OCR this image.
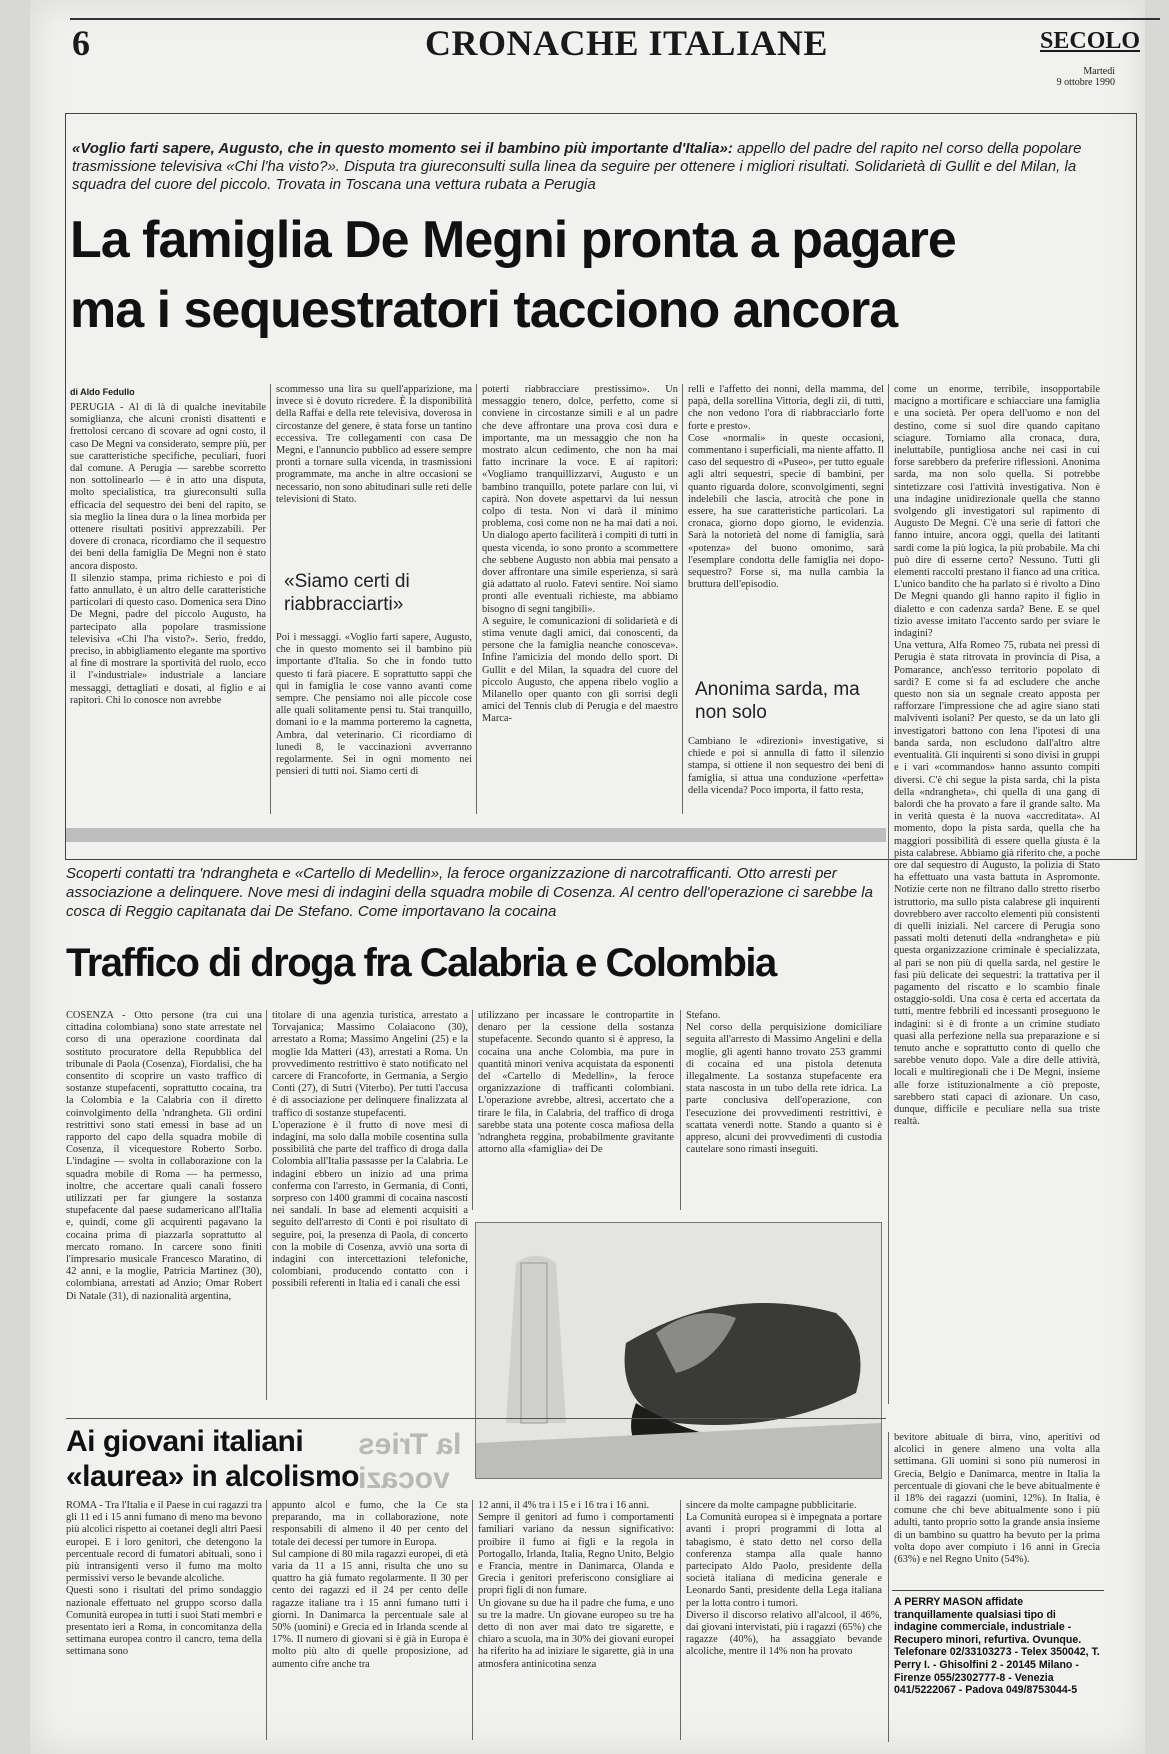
6	CRONACHE ITALIANE	SECOLO
Martedì
9 ottobre 1990
«Voglio farti sapere, Augusto, che in questo momento sei il bambino più importante d'Italia»: appello del padre del rapito nel corso della popolare trasmissione televisiva «Chi l'ha visto?». Disputa tra giureconsulti sulla linea da seguire per ottenere i migliori risultati. Solidarietà di Gullit e del Milan, la squadra del cuore del piccolo. Trovata in Toscana una vettura rubata a Perugia
La famiglia De Megni pronta a pagare
ma i sequestratori tacciono ancora
di Aldo Fedullo
PERUGIA - Al di là di qualche inevitabile somiglianza, che alcuni cronisti disattenti e frettolosi cercano di scovare ad ogni costo, il caso De Megni va considerato, sempre più, per sue caratteristiche specifiche, peculiari, fuori dal comune. A Perugia — sarebbe scorretto non sottolinearlo — è in atto una disputa, molto specialistica, tra giureconsulti sulla efficacia del sequestro dei beni del rapito, se sia meglio la linea dura o la linea morbida per ottenere risultati positivi apprezzabili. Per dovere di cronaca, ricordiamo che il sequestro dei beni della famiglia De Megni non è stato ancora disposto.
Il silenzio stampa, prima richiesto e poi di fatto annullato, è un altro delle caratteristiche particolari di questo caso. Domenica sera Dino De Megni, padre del piccolo Augusto, ha partecipato alla popolare trasmissione televisiva «Chi l'ha visto?». Serio, freddo, preciso, in abbigliamento elegante ma sportivo al fine di mostrare la sportività del ruolo, ecco il l'«industriale» industriale a lanciare messaggi, dettagliati e dosati, al figlio e ai rapitori. Chi lo conosce non avrebbe
scommesso una lira su quell'apparizione, ma invece si è dovuto ricredere. È la disponibilità della Raffai e della rete televisiva, doverosa in circostanze del genere, è stata forse un tantino eccessiva. Tre collegamenti con casa De Megni, e l'annuncio pubblico ad essere sempre pronti a tornare sulla vicenda, in trasmissioni programmate, ma anche in altre occasioni se necessario, non sono abitudinari sulle reti delle televisioni di Stato.
«Siamo certi di riabbracciarti»
Poi i messaggi. «Voglio farti sapere, Augusto, che in questo momento sei il bambino più importante d'Italia. So che in fondo tutto questo ti farà piacere. E soprattutto sappi che qui in famiglia le cose vanno avanti come sempre. Che pensiamo noi alle piccole cose alle quali solitamente pensi tu. Stai tranquillo, domani io e la mamma porteremo la cagnetta, Ambra, dal veterinario. Ci ricordiamo di lunedì 8, le vaccinazioni avverranno regolarmente. Sei in ogni momento nei pensieri di tutti noi. Siamo certi di
poterti riabbracciare prestissimo». Un messaggio tenero, dolce, perfetto, come si conviene in circostanze simili e al un padre che deve affrontare una prova così dura e importante, ma un messaggio che non ha mostrato alcun cedimento, che non ha mai fatto incrinare la voce. E ai rapitori: «Vogliamo tranquillizzarvi, Augusto e un bambino tranquillo, potete parlare con lui, vi capirà. Non dovete aspettarvi da lui nessun colpo di testa. Non vi darà il minimo problema, così come non ne ha mai dati a noi. Un dialogo aperto faciliterà i compiti di tutti in questa vicenda, io sono pronto a scommettere che sebbene Augusto non abbia mai pensato a dover affrontare una simile esperienza, si sarà già adattato al ruolo. Fatevi sentire. Noi siamo pronti alle eventuali richieste, ma abbiamo bisogno di segni tangibili».
A seguire, le comunicazioni di solidarietà e di stima venute dagli amici, dai conoscenti, da persone che la famiglia neanche conosceva». Infine l'amicizia del mondo dello sport. Di Gullit e del Milan, la squadra del cuore del piccolo Augusto, che appena ribelo voglio a Milanello oper quanto con gli sorrisi degli amici del Tennis club di Perugia e del maestro Marca-
relli e l'affetto dei nonni, della mamma, del papà, della sorellina Vittoria, degli zii, di tutti, che non vedono l'ora di riabbracciarlo forte forte e presto».
Cose «normali» in queste occasioni, commentano i superficiali, ma niente affatto. Il caso del sequestro di «Puseo», per tutto eguale agli altri sequestri, specie di bambini, per quanto riguarda dolore, sconvolgimenti, segni indelebili che lascia, atrocità che pone in essere, ha sue caratteristiche particolari. La cronaca, giorno dopo giorno, le evidenzia. Sarà la notorietà del nome di famiglia, sarà «potenza» del buono omonimo, sarà l'esemplare condotta delle famiglia nei dopo-sequestro? Forse sì, ma nulla cambia la bruttura dell'episodio.
Anonima sarda, ma non solo
Cambiano le «direzioni» investigative, si chiede e poi si annulla di fatto il silenzio stampa, si ottiene il non sequestro dei beni di famiglia, si attua una conduzione «perfetta» della vicenda? Poco importa, il fatto resta,
come un enorme, terribile, insopportabile macigno a mortificare e schiacciare una famiglia e una società. Per opera dell'uomo e non del destino, come si suol dire quando capitano sciagure. Torniamo alla cronaca, dura, ineluttabile, puntigliosa anche nei casi in cui forse sarebbero da preferire riflessioni. Anonima sarda, ma non solo quella. Si potrebbe sintetizzare così l'attività investigativa. Non è una indagine unidirezionale quella che stanno svolgendo gli investigatori sul rapimento di Augusto De Megni. C'è una serie di fattori che fanno intuire, ancora oggi, quella dei latitanti sardi come la più logica, la più probabile. Ma chi può dire di esserne certo? Nessuno. Tutti gli elementi raccolti prestano il fianco ad una critica. L'unico bandito che ha parlato si è rivolto a Dino De Megni quando gli hanno rapito il figlio in dialetto e con cadenza sarda? Bene. E se quel tizio avesse imitato l'accento sardo per sviare le indagini?
Una vettura, Alfa Romeo 75, rubata nei pressi di Perugia è stata ritrovata in provincia di Pisa, a Pomarance, anch'esso territorio popolato di sardi? E come si fa ad escludere che anche questo non sia un segnale creato apposta per rafforzare l'impressione che ad agire siano stati malviventi isolani? Per questo, se da un lato gli investigatori battono con lena l'ipotesi di una banda sarda, non escludono dall'altro altre eventualità. Gli inquirenti si sono divisi in gruppi e i vari «commandos» hanno assunto compiti diversi. C'è chi segue la pista sarda, chi la pista della «ndrangheta», chi quella di una gang di balordi che ha provato a fare il grande salto. Ma in verità questa è la nuova «accreditata». Al momento, dopo la pista sarda, quella che ha maggiori possibilità di essere quella giusta è la pista calabrese. Abbiamo già riferito che, a poche ore dal sequestro di Augusto, la polizia di Stato ha effettuato una vasta battuta in Aspromonte. Notizie certe non ne filtrano dallo stretto riserbo istruttorio, ma sullo pista calabrese gli inquirenti dovrebbero aver raccolto elementi più consistenti di quelli iniziali. Nel carcere di Perugia sono passati molti detenuti della «ndrangheta» e più questa organizzazione criminale è specializzata, al pari se non più di quella sarda, nel gestire le fasi più delicate dei sequestri: la trattativa per il pagamento del riscatto e lo scambio finale ostaggio-soldi. Una cosa è certa ed accertata da tutti, mentre febbrili ed incessanti proseguono le indagini: si è di fronte a un crimine studiato quasi alla perfezione nella sua preparazione e si tenuto anche e soprattutto conto di quello che sarebbe venuto dopo. Vale a dire delle attività, locali e multiregionali che i De Megni, insieme alle forze istituzionalmente a ciò preposte, sarebbero stati capaci di azionare. Un caso, dunque, difficile e peculiare nella sua triste realtà.
Scoperti contatti tra 'ndrangheta e «Cartello di Medellin», la feroce organizzazione di narcotrafficanti. Otto arresti per associazione a delinquere. Nove mesi di indagini della squadra mobile di Cosenza. Al centro dell'operazione ci sarebbe la cosca di Reggio capitanata dai De Stefano. Come importavano la cocaina
Traffico di droga fra Calabria e Colombia
COSENZA - Otto persone (tra cui una cittadina colombiana) sono state arrestate nel corso di una operazione coordinata dal sostituto procuratore della Repubblica del tribunale di Paola (Cosenza), Fiordalisi, che ha consentito di scoprire un vasto traffico di sostanze stupefacenti, soprattutto cocaina, tra la Colombia e la Calabria con il diretto coinvolgimento della 'ndrangheta. Gli ordini restrittivi sono stati emessi in base ad un rapporto del capo della squadra mobile di Cosenza, il vicequestore Roberto Sorbo. L'indagine — svolta in collaborazione con la squadra mobile di Roma — ha permesso, inoltre, che accertare quali canali fossero utilizzati per far giungere la sostanza stupefacente dal paese sudamericano all'Italia e, quindi, come gli acquirenti pagavano la cocaina prima di piazzarla soprattutto al mercato romano. In carcere sono finiti l'impresario musicale Francesco Maratino, di 42 anni, e la moglie, Patricia Martinez (30), colombiana, arrestati ad Anzio; Omar Robert Di Natale (31), di nazionalità argentina,
titolare di una agenzia turistica, arrestato a Torvajanica; Massimo Colaiacono (30), arrestato a Roma; Massimo Angelini (25) e la moglie Ida Matteri (43), arrestati a Roma. Un provvedimento restrittivo è stato notificato nel carcere di Francoforte, in Germania, a Sergio Conti (27), di Sutri (Viterbo). Per tutti l'accusa è di associazione per delinquere finalizzata al traffico di sostanze stupefacenti.
L'operazione è il frutto di nove mesi di indagini, ma solo dalla mobile cosentina sulla possibilità che parte del traffico di droga dalla Colombia all'Italia passasse per la Calabria. Le indagini ebbero un inizio ad una prima conferma con l'arresto, in Germania, di Conti, sorpreso con 1400 grammi di cocaina nascosti nei sandali. In base ad elementi acquisiti a seguito dell'arresto di Conti è poi risultato di seguire, poi, la presenza di Paola, di concerto con la mobile di Cosenza, avviò una sorta di indagini con intercettazioni telefoniche, colombiani, producendo contatto con i possibili referenti in Italia ed i canali che essi
utilizzano per incassare le contropartite in denaro per la cessione della sostanza stupefacente. Secondo quanto si è appreso, la cocaina una anche Colombia, ma pure in quantità minori veniva acquistata da esponenti del «Cartello di Medellin», la feroce organizzazione di trafficanti colombiani. L'operazione avrebbe, altresì, accertato che a tirare le fila, in Calabria, del traffico di droga sarebbe stata una potente cosca mafiosa della 'ndrangheta reggina, probabilmente gravitante attorno alla «famiglia» dei De
Stefano.
Nel corso della perquisizione domiciliare seguita all'arresto di Massimo Angelini e della moglie, gli agenti hanno trovato 253 grammi di cocaina ed una pistola detenuta illegalmente. La sostanza stupefacente era stata nascosta in un tubo della rete idrica. La parte conclusiva dell'operazione, con l'esecuzione dei provvedimenti restrittivi, è scattata venerdì notte. Stando a quanto si è appreso, alcuni dei provvedimenti di custodia cautelare sono rimasti inseguiti.
Ai giovani italiani
«laurea» in alcolismo
la Tries
vocazi
ROMA - Tra l'Italia e il Paese in cui ragazzi tra gli 11 ed i 15 anni fumano di meno ma bevono più alcolici rispetto ai coetanei degli altri Paesi europei. E i loro genitori, che detengono la percentuale record di fumatori abituali, sono i più intransigenti verso il fumo ma molto permissivi verso le bevande alcoliche.
Questi sono i risultati del primo sondaggio nazionale effettuato nel gruppo scorso dalla Comunità europea in tutti i suoi Stati membri e presentato ieri a Roma, in concomitanza della settimana europea contro il cancro, tema della settimana sono
appunto alcol e fumo, che la Ce sta preparando, ma in collaborazione, note responsabili di almeno il 40 per cento del totale dei decessi per tumore in Europa.
Sul campione di 80 mila ragazzi europei, di età varia da 11 a 15 anni, risulta che uno su quattro ha già fumato regolarmente. Il 30 per cento dei ragazzi ed il 24 per cento delle ragazze italiane tra i 15 anni fumano tutti i giorni. In Danimarca la percentuale sale al 50% (uomini) e Grecia ed in Irlanda scende al 17%. Il numero di giovani si è già in Europa è molto più alto di quelle proposizione, ad aumento cifre anche tra
12 anni, il 4% tra i 15 e i 16 tra i 16 anni.
Sempre il genitori ad fumo i comportamenti familiari variano da nessun significativo: proibire il fumo ai figli e la regola in Portogallo, Irlanda, Italia, Regno Unito, Belgio e Francia, mentre in Danimarca, Olanda e Grecia i genitori preferiscono consigliare ai propri figli di non fumare.
Un giovane su due ha il padre che fuma, e uno su tre la madre. Un giovane europeo su tre ha detto di non aver mai dato tre sigarette, e chiaro a scuola, ma in 30% dei giovani europei ha riferito ha ad iniziare le sigarette, già in una atmosfera antinicotina senza
sincere da molte campagne pubblicitarie.
La Comunità europea si è impegnata a portare avanti i propri programmi di lotta al tabagismo, è stato detto nel corso della conferenza stampa alla quale hanno partecipato Aldo Paolo, presidente della società italiana di medicina generale e Leonardo Santi, presidente della Lega italiana per la lotta contro i tumori.
Diverso il discorso relativo all'alcool, il 46%, dai giovani intervistati, più i ragazzi (65%) che ragazze (40%), ha assaggiato bevande alcoliche, mentre il 14% non ha provato
bevitore abituale di birra, vino, aperitivi od alcolici in genere almeno una volta alla settimana. Gli uomini si sono più numerosi in Grecia, Belgio e Danimarca, mentre in Italia la percentuale di giovani che le beve abitualmente è il 18% dei ragazzi (uomini, 12%). In Italia, è comune che chi beve abitualmente sono i più adulti, tanto proprio sotto la grande ansia insieme di un bambino su quattro ha bevuto per la prima volta dopo aver compiuto i 16 anni in Grecia (63%) e nel Regno Unito (54%).
A PERRY MASON affidate tranquillamente qualsiasi tipo di indagine commerciale, industriale - Recupero minori, refurtiva. Ovunque. Telefonare 02/33103273 - Telex 350042, T. Perry I. - Ghisolfini 2 - 20145 Milano - Firenze 055/2302777-8 - Venezia 041/5222067 - Padova 049/8753044-5
